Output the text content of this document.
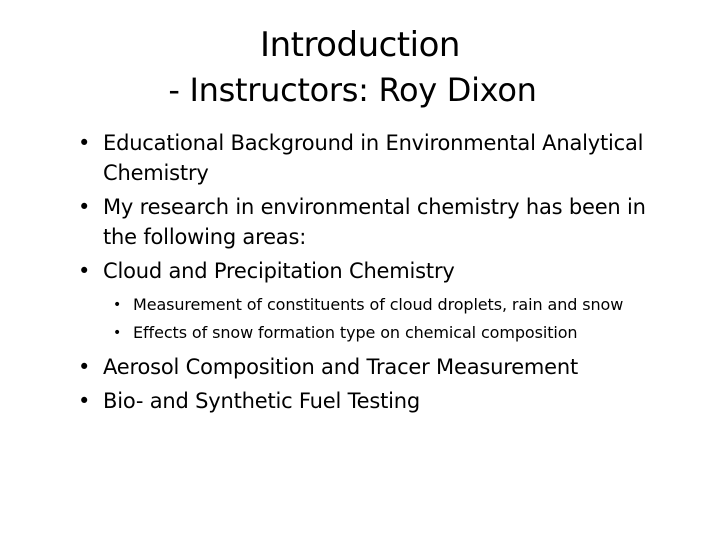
Introduction
- Instructors: Roy Dixon
• Educational Background in Environmental Analytical Chemistry
• My research in environmental chemistry has been in the following areas:
• Cloud and Precipitation Chemistry
• Measurement of constituents of cloud droplets, rain and snow
• Effects of snow formation type on chemical composition
• Aerosol Composition and Tracer Measurement
• Bio- and Synthetic Fuel Testing
